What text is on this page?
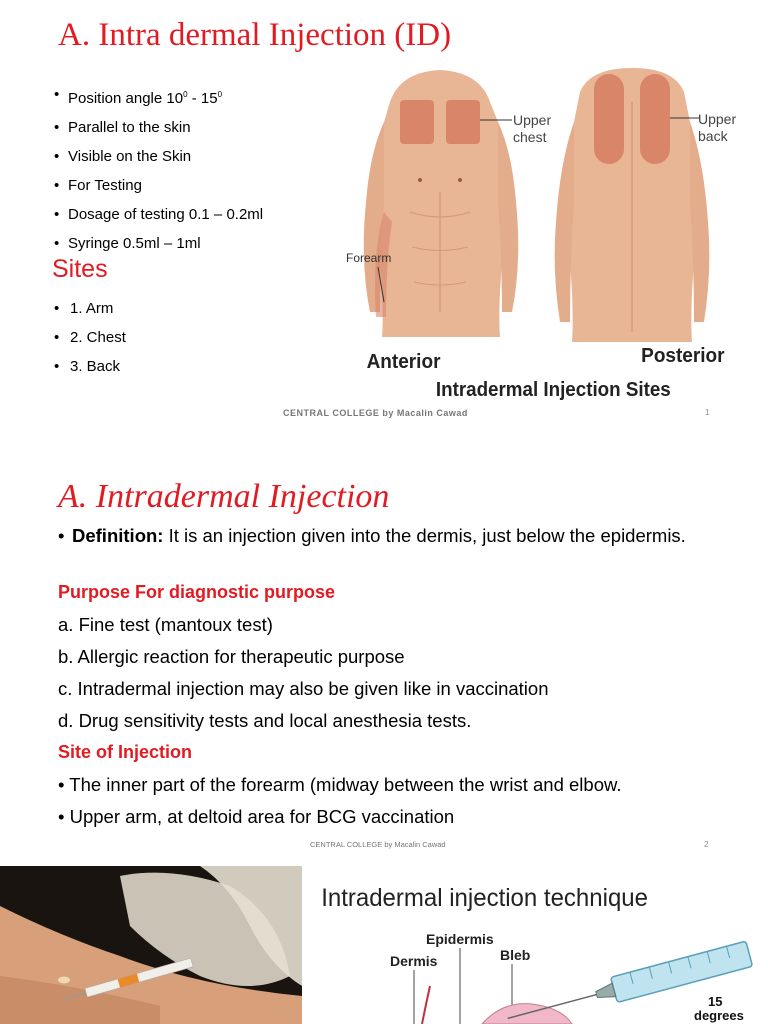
A. Intra dermal Injection (ID)
• Position angle $10^0 - 15^0$
• Parallel to the skin
• Visible on the Skin
• For Testing
• Dosage of testing 0.1 – 0.2ml
• Syringe 0.5ml – 1ml
Sites
• 1. Arm
• 2. Chest
• 3. Back
Upper
chest
Forearm
Upper
back
Anterior	Posterior
Intradermal Injection Sites
CENTRAL COLLEGE by Macalin Cawad	1
A. Intradermal Injection
• Definition: It is an injection given into the dermis, just below the epidermis.
Purpose For diagnostic purpose
a. Fine test (mantoux test)
b. Allergic reaction for therapeutic purpose
c. Intradermal injection may also be given like in vaccination
d. Drug sensitivity tests and local anesthesia tests.
Site of Injection
• The inner part of the forearm (midway between the wrist and elbow.
• Upper arm, at deltoid area for BCG vaccination
CENTRAL COLLEGE by Macalin Cawad	2
Intradermal injection technique
Epidermis
Dermis	Bleb
15
degrees
